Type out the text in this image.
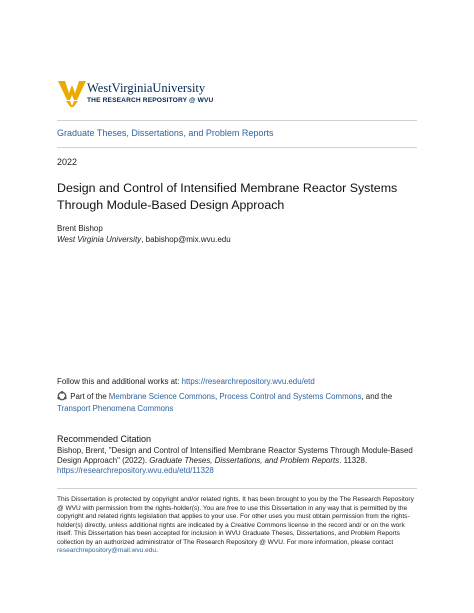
WestVirginiaUniversity
THE RESEARCH REPOSITORY @ WVU
Graduate Theses, Dissertations, and Problem Reports
2022
Design and Control of Intensified Membrane Reactor Systems Through Module-Based Design Approach
Brent Bishop
West Virginia University, babishop@mix.wvu.edu
Follow this and additional works at: https://researchrepository.wvu.edu/etd
Part of the Membrane Science Commons, Process Control and Systems Commons, and the Transport Phenomena Commons
Recommended Citation
Bishop, Brent, "Design and Control of Intensified Membrane Reactor Systems Through Module-Based Design Approach" (2022). Graduate Theses, Dissertations, and Problem Reports. 11328.
https://researchrepository.wvu.edu/etd/11328
This Dissertation is protected by copyright and/or related rights. It has been brought to you by the The Research Repository @ WVU with permission from the rights-holder(s). You are free to use this Dissertation in any way that is permitted by the copyright and related rights legislation that applies to your use. For other uses you must obtain permission from the rights-holder(s) directly, unless additional rights are indicated by a Creative Commons license in the record and/ or on the work itself. This Dissertation has been accepted for inclusion in WVU Graduate Theses, Dissertations, and Problem Reports collection by an authorized administrator of The Research Repository @ WVU. For more information, please contact researchrepository@mail.wvu.edu.
